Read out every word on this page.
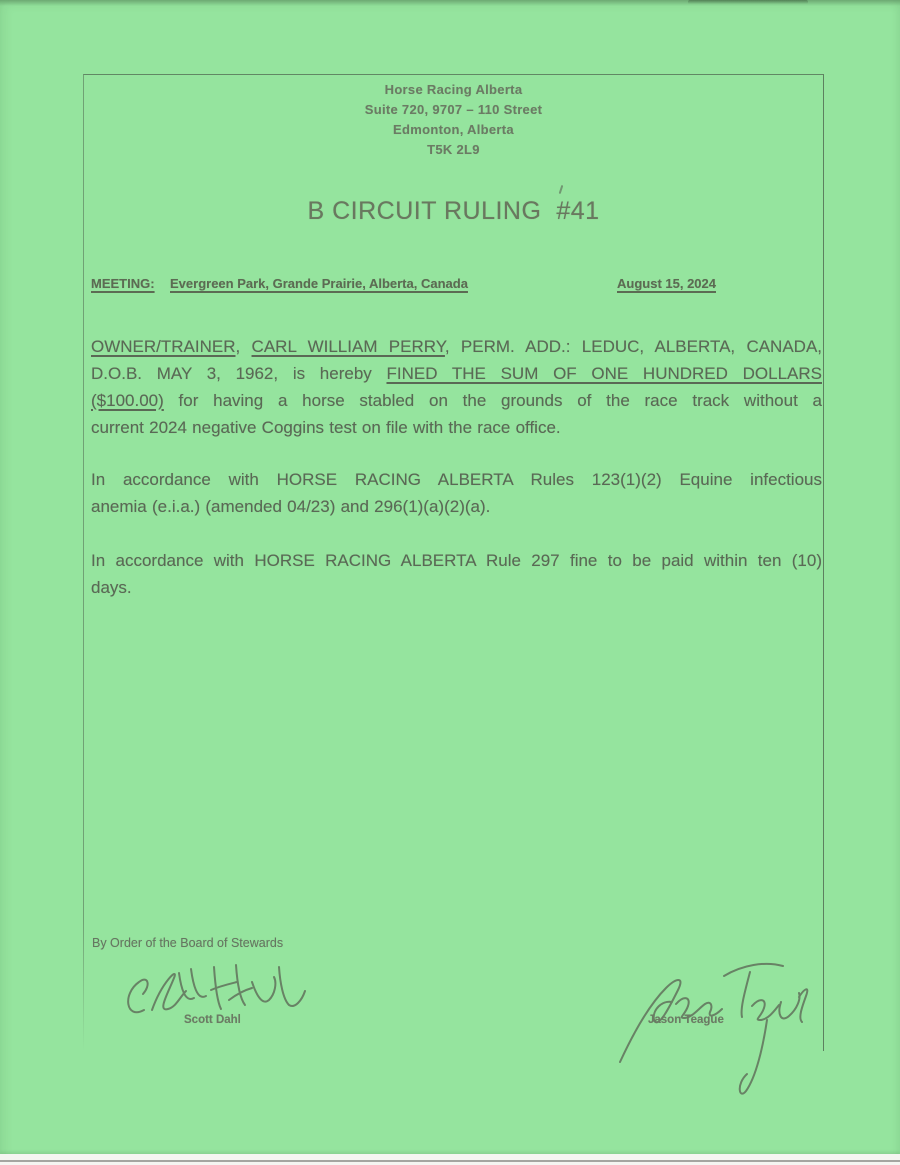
Horse Racing Alberta
Suite 720, 9707 – 110 Street
Edmonton, Alberta
T5K 2L9
B CIRCUIT RULING  #41
MEETING: Evergreen Park, Grande Prairie, Alberta, Canada	August 15, 2024
OWNER/TRAINER, CARL WILLIAM PERRY, PERM. ADD.: LEDUC, ALBERTA, CANADA,
D.O.B. MAY 3, 1962, is hereby FINED THE SUM OF ONE HUNDRED DOLLARS
($100.00) for having a horse stabled on the grounds of the race track without a
current 2024 negative Coggins test on file with the race office.
In accordance with HORSE RACING ALBERTA Rules 123(1)(2) Equine infectious
anemia (e.i.a.) (amended 04/23) and 296(1)(a)(2)(a).
In accordance with HORSE RACING ALBERTA Rule 297 fine to be paid within ten (10)
days.
By Order of the Board of Stewards
Scott Dahl	Jason Teague
